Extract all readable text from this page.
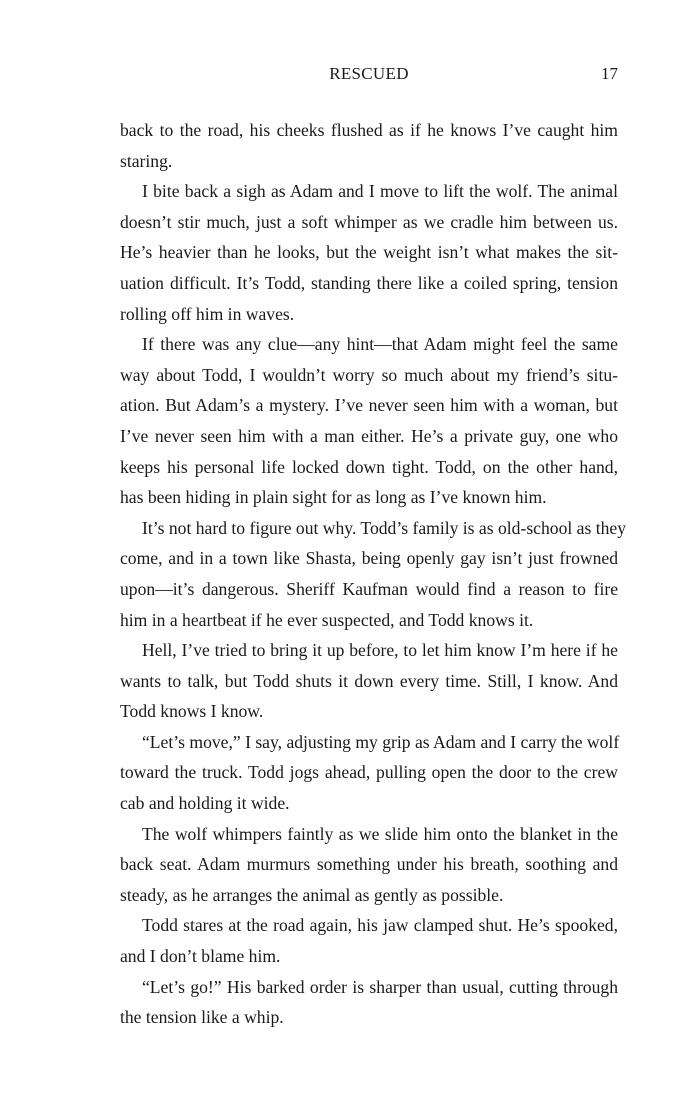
RESCUED	17
back to the road, his cheeks flushed as if he knows I’ve caught him
staring.
I bite back a sigh as Adam and I move to lift the wolf. The animal
doesn’t stir much, just a soft whimper as we cradle him between us.
He’s heavier than he looks, but the weight isn’t what makes the sit-
uation difficult. It’s Todd, standing there like a coiled spring, tension
rolling off him in waves.
If there was any clue—any hint—that Adam might feel the same
way about Todd, I wouldn’t worry so much about my friend’s situ-
ation. But Adam’s a mystery. I’ve never seen him with a woman, but
I’ve never seen him with a man either. He’s a private guy, one who
keeps his personal life locked down tight. Todd, on the other hand,
has been hiding in plain sight for as long as I’ve known him.
It’s not hard to figure out why. Todd’s family is as old-school as they
come, and in a town like Shasta, being openly gay isn’t just frowned
upon—it’s dangerous. Sheriff Kaufman would find a reason to fire
him in a heartbeat if he ever suspected, and Todd knows it.
Hell, I’ve tried to bring it up before, to let him know I’m here if he
wants to talk, but Todd shuts it down every time. Still, I know. And
Todd knows I know.
“Let’s move,” I say, adjusting my grip as Adam and I carry the wolf
toward the truck. Todd jogs ahead, pulling open the door to the crew
cab and holding it wide.
The wolf whimpers faintly as we slide him onto the blanket in the
back seat. Adam murmurs something under his breath, soothing and
steady, as he arranges the animal as gently as possible.
Todd stares at the road again, his jaw clamped shut. He’s spooked,
and I don’t blame him.
“Let’s go!” His barked order is sharper than usual, cutting through
the tension like a whip.
